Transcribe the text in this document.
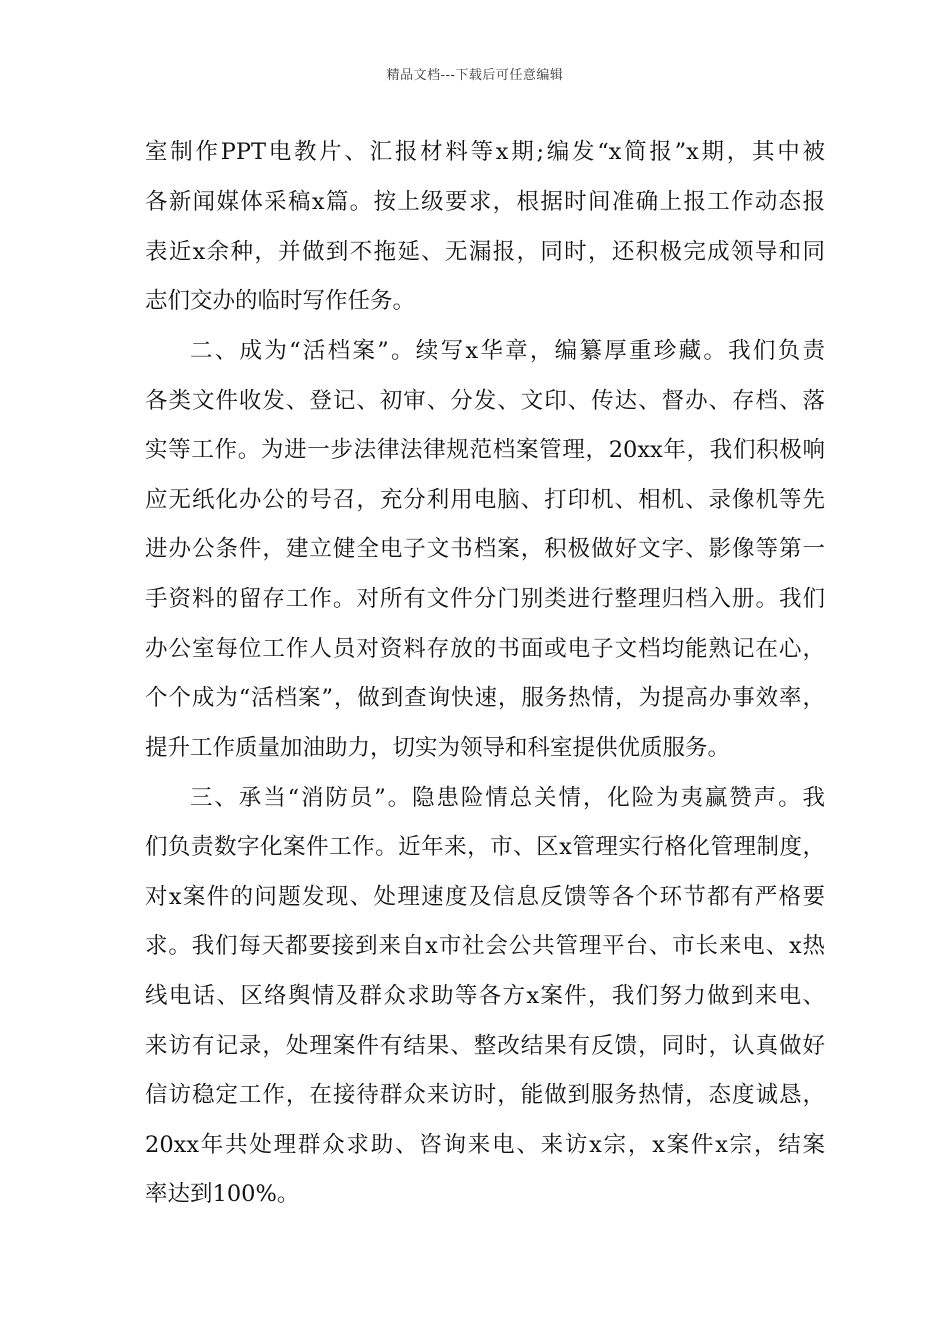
精品文档---下载后可任意编辑
室制作PPT电教片、汇报材料等x期;编发“x简报”x期，其中被
各新闻媒体采稿x篇。按上级要求，根据时间准确上报工作动态报
表近x余种，并做到不拖延、无漏报，同时，还积极完成领导和同
志们交办的临时写作任务。
二、成为“活档案”。续写x华章，编纂厚重珍藏。我们负责
各类文件收发、登记、初审、分发、文印、传达、督办、存档、落
实等工作。为进一步法律法律规范档案管理，20xx年，我们积极响
应无纸化办公的号召，充分利用电脑、打印机、相机、录像机等先
进办公条件，建立健全电子文书档案，积极做好文字、影像等第一
手资料的留存工作。对所有文件分门别类进行整理归档入册。我们
办公室每位工作人员对资料存放的书面或电子文档均能熟记在心，
个个成为“活档案”，做到查询快速，服务热情，为提高办事效率，
提升工作质量加油助力，切实为领导和科室提供优质服务。
三、承当“消防员”。隐患险情总关情，化险为夷赢赞声。我
们负责数字化案件工作。近年来，市、区x管理实行格化管理制度，
对x案件的问题发现、处理速度及信息反馈等各个环节都有严格要
求。我们每天都要接到来自x市社会公共管理平台、市长来电、x热
线电话、区络舆情及群众求助等各方x案件，我们努力做到来电、
来访有记录，处理案件有结果、整改结果有反馈，同时，认真做好
信访稳定工作，在接待群众来访时，能做到服务热情，态度诚恳，
20xx年共处理群众求助、咨询来电、来访x宗，x案件x宗，结案
率达到100%。
